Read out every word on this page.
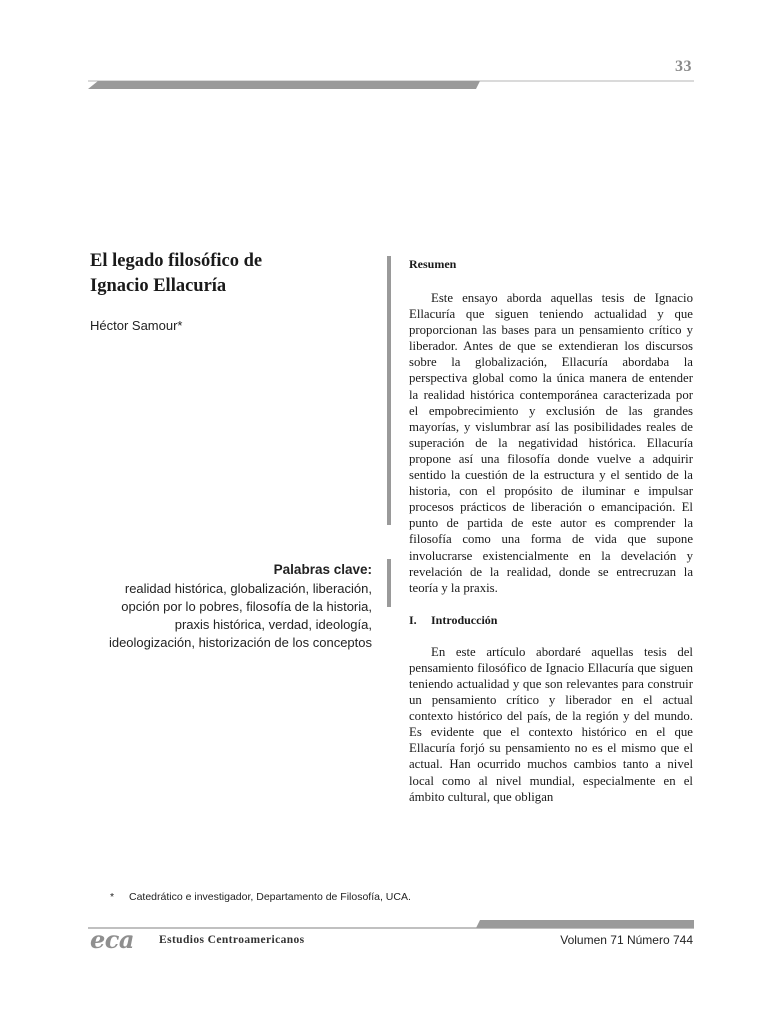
33
El legado filosófico de
Ignacio Ellacuría

Héctor Samour*

Palabras clave:
realidad histórica, globalización, liberación, opción por lo pobres, filosofía de la historia, praxis histórica, verdad, ideología, ideologización, historización de los conceptos
Resumen

Este ensayo aborda aquellas tesis de Ignacio Ellacuría que siguen teniendo actualidad y que proporcionan las bases para un pensamiento crítico y liberador. Antes de que se extendieran los discursos sobre la globalización, Ellacuría abordaba la perspectiva global como la única manera de entender la realidad histórica contemporánea caracterizada por el empobrecimiento y exclusión de las grandes mayorías, y vislumbrar así las posibilidades reales de superación de la negatividad histórica. Ellacuría propone así una filosofía donde vuelve a adquirir sentido la cuestión de la estructura y el sentido de la historia, con el propósito de iluminar e impulsar procesos prácticos de liberación o emancipación. El punto de partida de este autor es comprender la filosofía como una forma de vida que supone involucrarse existencialmente en la develación y revelación de la realidad, donde se entrecruzan la teoría y la praxis.

I. Introducción

En este artículo abordaré aquellas tesis del pensamiento filosófico de Ignacio Ellacuría que siguen teniendo actualidad y que son relevantes para construir un pensamiento crítico y liberador en el actual contexto histórico del país, de la región y del mundo. Es evidente que el contexto histórico en el que Ellacuría forjó su pensamiento no es el mismo que el actual. Han ocurrido muchos cambios tanto a nivel local como al nivel mundial, especialmente en el ámbito cultural, que obligan

* Catedrático e investigador, Departamento de Filosofía, UCA.
eca Estudios Centroamericanos	Volumen 71 Número 744
